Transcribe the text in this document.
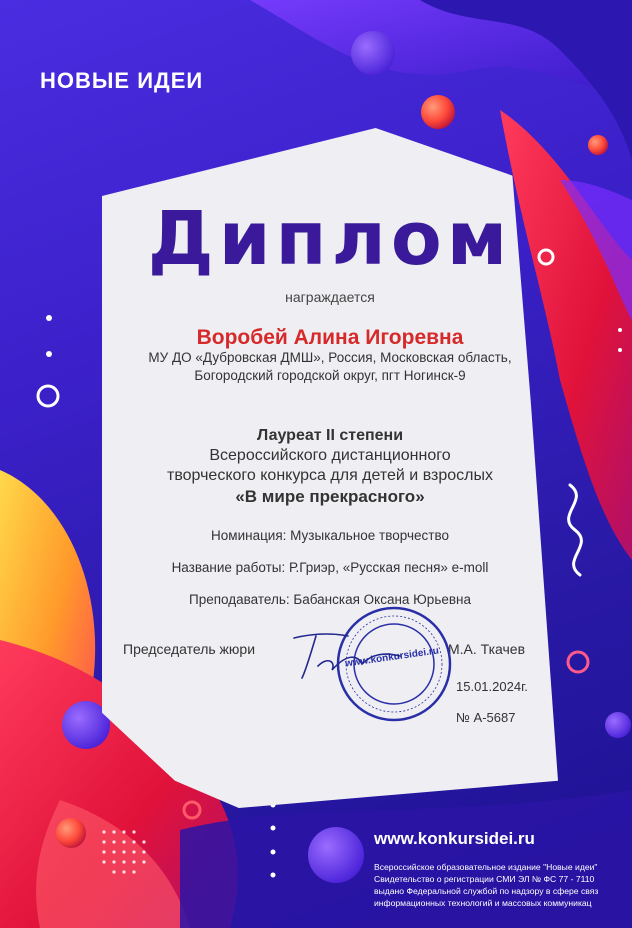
НОВЫЕ ИДЕИ
Диплом
награждается
Воробей Алина Игоревна
МУ ДО «Дубровская ДМШ», Россия, Московская область,
Богородский городской округ, пгт Ногинск-9
Лауреат II степени
Всероссийского дистанционного
творческого конкурса для детей и взрослых
«В мире прекрасного»
Номинация: Музыкальное творчество
Название работы: Р.Гриэр, «Русская песня» e-moll
Преподаватель: Бабанская Оксана Юрьевна
Председатель жюри	М.А. Ткачев
www.konkursidei.ru
15.01.2024г.
№ А-5687
www.konkursidei.ru
Всероссийское образовательное издание "Новые идеи"
Свидетельство о регистрации СМИ ЭЛ № ФС 77 - 7110
выдано Федеральной службой по надзору в сфере связ
информационных технологий и массовых коммуникац
